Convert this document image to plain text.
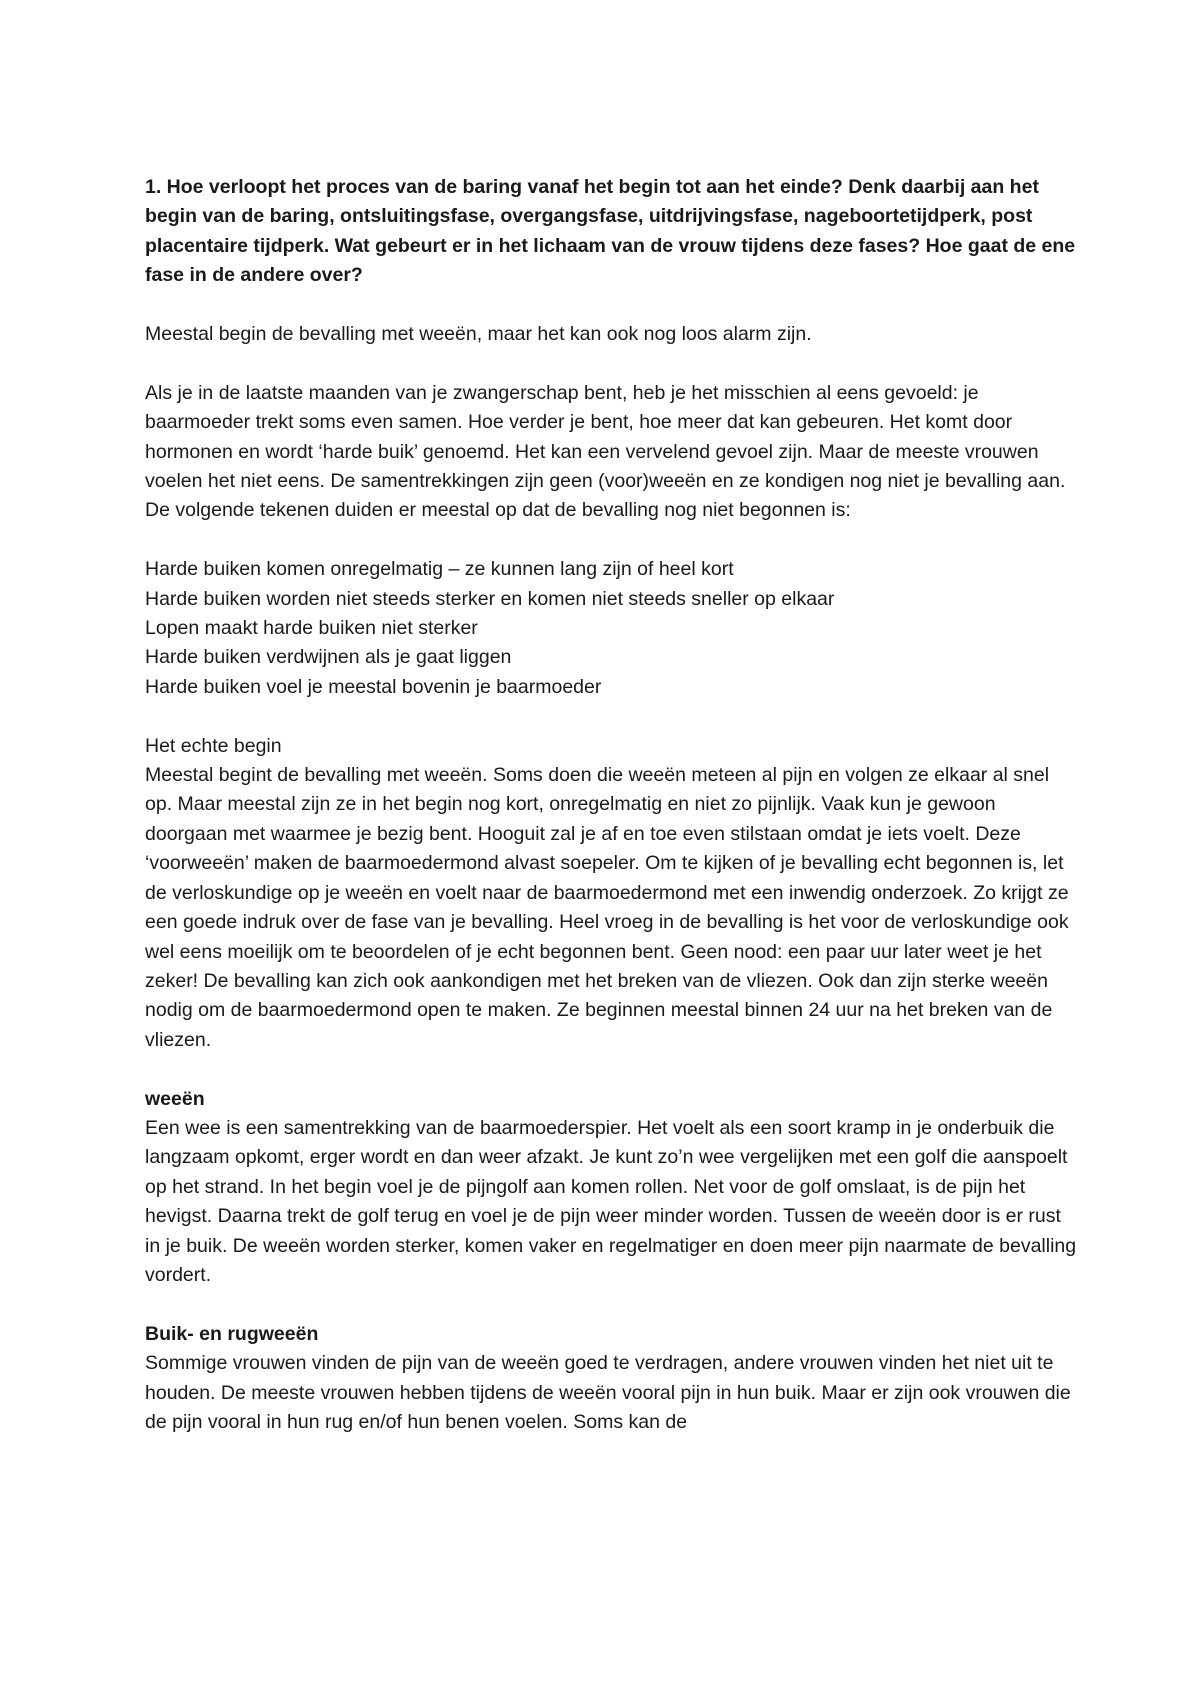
1. Hoe verloopt het proces van de baring vanaf het begin tot aan het einde? Denk daarbij aan het begin van de baring, ontsluitingsfase, overgangsfase, uitdrijvingsfase, nageboortetijdperk, post placentaire tijdperk. Wat gebeurt er in het lichaam van de vrouw tijdens deze fases? Hoe gaat de ene fase in de andere over?

Meestal begin de bevalling met weeën, maar het kan ook nog loos alarm zijn.

Als je in de laatste maanden van je zwangerschap bent, heb je het misschien al eens gevoeld: je baarmoeder trekt soms even samen. Hoe verder je bent, hoe meer dat kan gebeuren. Het komt door hormonen en wordt ‘harde buik’ genoemd. Het kan een vervelend gevoel zijn. Maar de meeste vrouwen voelen het niet eens. De samentrekkingen zijn geen (voor)weeën en ze kondigen nog niet je bevalling aan.

De volgende tekenen duiden er meestal op dat de bevalling nog niet begonnen is:

Harde buiken komen onregelmatig – ze kunnen lang zijn of heel kort
Harde buiken worden niet steeds sterker en komen niet steeds sneller op elkaar
Lopen maakt harde buiken niet sterker
Harde buiken verdwijnen als je gaat liggen
Harde buiken voel je meestal bovenin je baarmoeder

Het echte begin

Meestal begint de bevalling met weeën. Soms doen die weeën meteen al pijn en volgen ze elkaar al snel op. Maar meestal zijn ze in het begin nog kort, onregelmatig en niet zo pijnlijk. Vaak kun je gewoon doorgaan met waarmee je bezig bent. Hooguit zal je af en toe even stilstaan omdat je iets voelt. Deze ‘voorweeën’ maken de baarmoedermond alvast soepeler. Om te kijken of je bevalling echt begonnen is, let de verloskundige op je weeën en voelt naar de baarmoedermond met een inwendig onderzoek. Zo krijgt ze een goede indruk over de fase van je bevalling. Heel vroeg in de bevalling is het voor de verloskundige ook wel eens moeilijk om te beoordelen of je echt begonnen bent. Geen nood: een paar uur later weet je het zeker! De bevalling kan zich ook aankondigen met het breken van de vliezen. Ook dan zijn sterke weeën nodig om de baarmoedermond open te maken. Ze beginnen meestal binnen 24 uur na het breken van de vliezen.

weeën

Een wee is een samentrekking van de baarmoederspier. Het voelt als een soort kramp in je onderbuik die langzaam opkomt, erger wordt en dan weer afzakt. Je kunt zo’n wee vergelijken met een golf die aanspoelt op het strand. In het begin voel je de pijngolf aan komen rollen. Net voor de golf omslaat, is de pijn het hevigst. Daarna trekt de golf terug en voel je de pijn weer minder worden. Tussen de weeën door is er rust in je buik. De weeën worden sterker, komen vaker en regelmatiger en doen meer pijn naarmate de bevalling vordert.

Buik- en rugweeën

Sommige vrouwen vinden de pijn van de weeën goed te verdragen, andere vrouwen vinden het niet uit te houden. De meeste vrouwen hebben tijdens de weeën vooral pijn in hun buik. Maar er zijn ook vrouwen die de pijn vooral in hun rug en/of hun benen voelen. Soms kan de
